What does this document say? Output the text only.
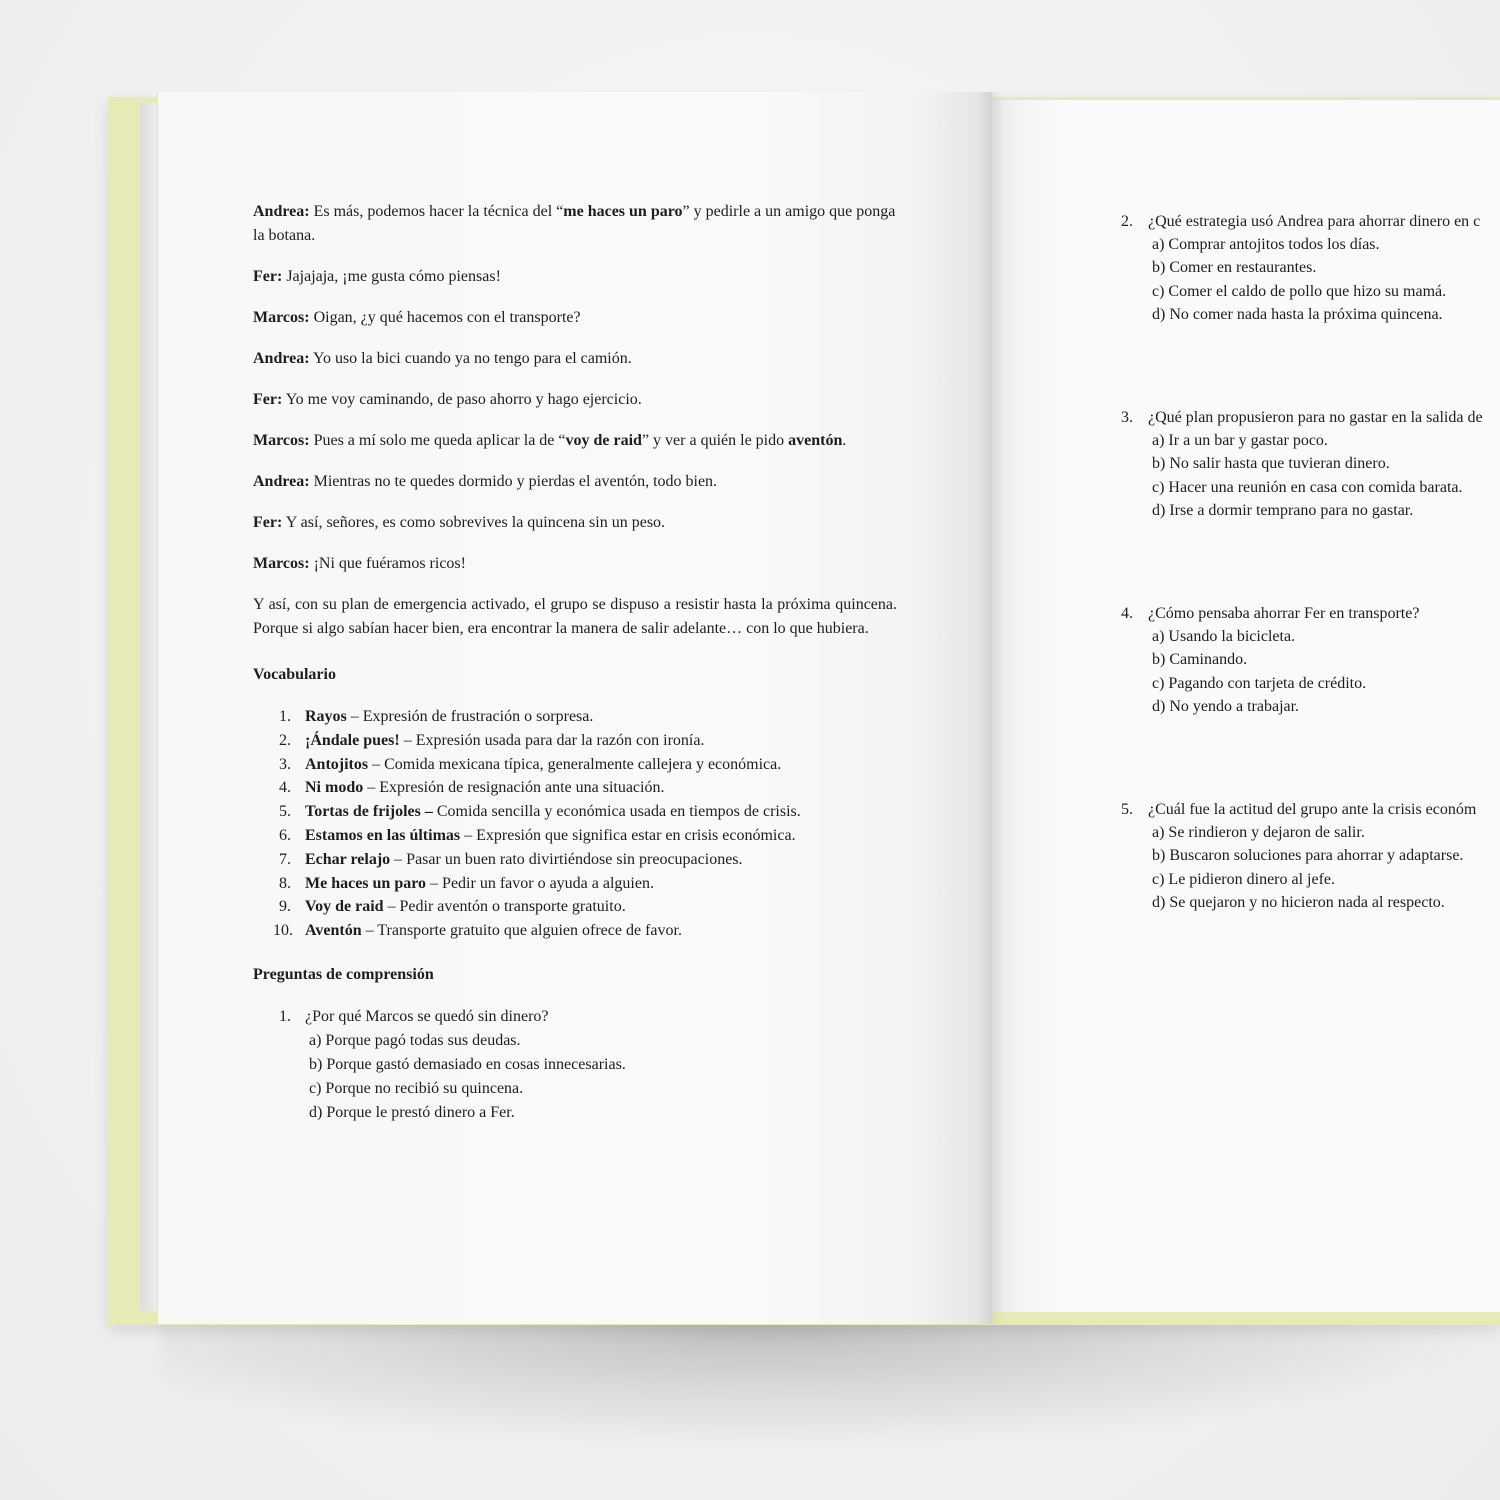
Andrea: Es más, podemos hacer la técnica del “me haces un paro” y pedirle a un amigo que ponga la botana.

Fer: Jajajaja, ¡me gusta cómo piensas!

Marcos: Oigan, ¿y qué hacemos con el transporte?

Andrea: Yo uso la bici cuando ya no tengo para el camión.

Fer: Yo me voy caminando, de paso ahorro y hago ejercicio.

Marcos: Pues a mí solo me queda aplicar la de “voy de raid” y ver a quién le pido aventón.

Andrea: Mientras no te quedes dormido y pierdas el aventón, todo bien.

Fer: Y así, señores, es como sobrevives la quincena sin un peso.

Marcos: ¡Ni que fuéramos ricos!

Y así, con su plan de emergencia activado, el grupo se dispuso a resistir hasta la próxima quincena. Porque si algo sabían hacer bien, era encontrar la manera de salir adelante… con lo que hubiera.

Vocabulario
1. Rayos – Expresión de frustración o sorpresa.
2. ¡Ándale pues! – Expresión usada para dar la razón con ironía.
3. Antojitos – Comida mexicana típica, generalmente callejera y económica.
4. Ni modo – Expresión de resignación ante una situación.
5. Tortas de frijoles – Comida sencilla y económica usada en tiempos de crisis.
6. Estamos en las últimas – Expresión que significa estar en crisis económica.
7. Echar relajo – Pasar un buen rato divirtiéndose sin preocupaciones.
8. Me haces un paro – Pedir un favor o ayuda a alguien.
9. Voy de raid – Pedir aventón o transporte gratuito.
10. Aventón – Transporte gratuito que alguien ofrece de favor.
Preguntas de comprensión
1. ¿Por qué Marcos se quedó sin dinero?
a) Porque pagó todas sus deudas.
b) Porque gastó demasiado en cosas innecesarias.
c) Porque no recibió su quincena.
d) Porque le prestó dinero a Fer.
2. ¿Qué estrategia usó Andrea para ahorrar dinero en c
a) Comprar antojitos todos los días.
b) Comer en restaurantes.
c) Comer el caldo de pollo que hizo su mamá.
d) No comer nada hasta la próxima quincena.
3. ¿Qué plan propusieron para no gastar en la salida de
a) Ir a un bar y gastar poco.
b) No salir hasta que tuvieran dinero.
c) Hacer una reunión en casa con comida barata.
d) Irse a dormir temprano para no gastar.
4. ¿Cómo pensaba ahorrar Fer en transporte?
a) Usando la bicicleta.
b) Caminando.
c) Pagando con tarjeta de crédito.
d) No yendo a trabajar.
5. ¿Cuál fue la actitud del grupo ante la crisis económ
a) Se rindieron y dejaron de salir.
b) Buscaron soluciones para ahorrar y adaptarse.
c) Le pidieron dinero al jefe.
d) Se quejaron y no hicieron nada al respecto.
